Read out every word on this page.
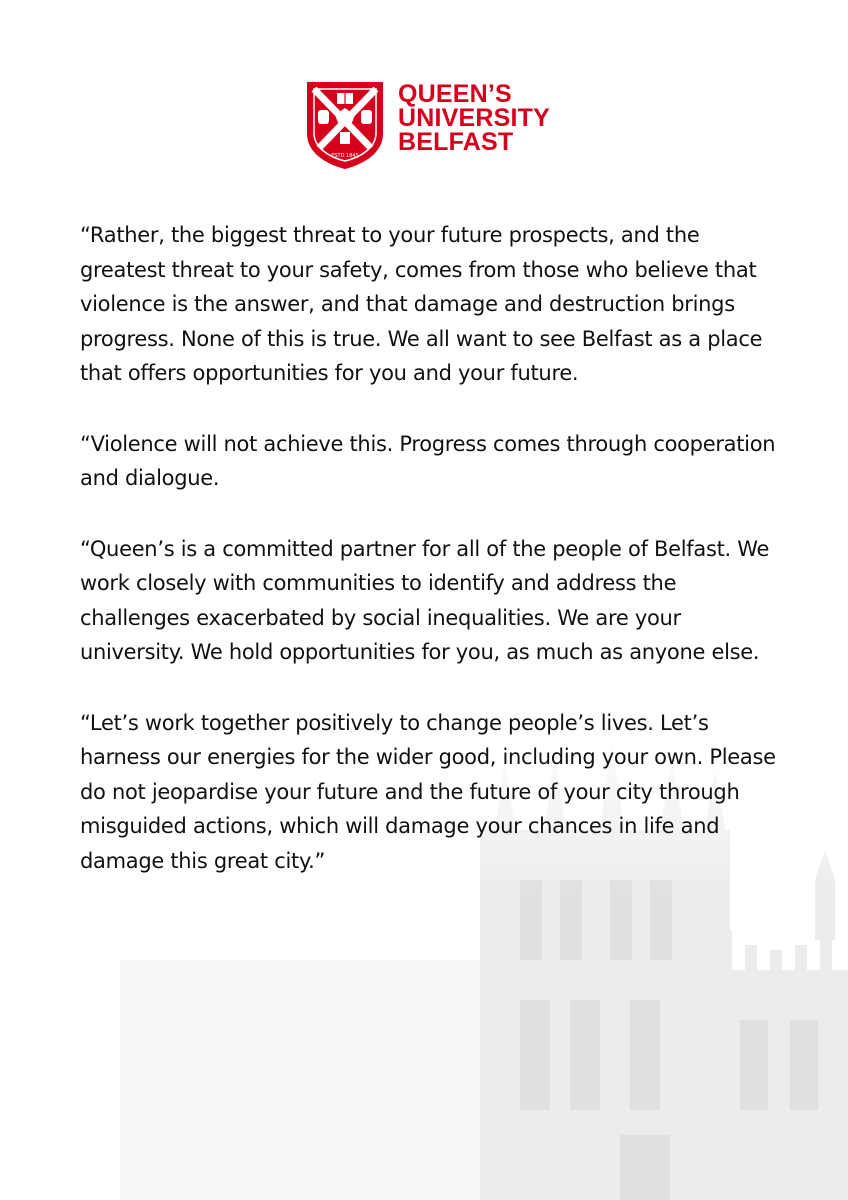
ESTD 1845
QUEEN’S
UNIVERSITY
BELFAST

“Rather, the biggest threat to your future prospects, and the greatest threat to your safety, comes from those who believe that violence is the answer, and that damage and destruction brings progress. None of this is true. We all want to see Belfast as a place that offers opportunities for you and your future.

“Violence will not achieve this. Progress comes through cooperation and dialogue.

“Queen’s is a committed partner for all of the people of Belfast. We work closely with communities to identify and address the challenges exacerbated by social inequalities. We are your university. We hold opportunities for you, as much as anyone else.

“Let’s work together positively to change people’s lives. Let’s harness our energies for the wider good, including your own. Please do not jeopardise your future and the future of your city through misguided actions, which will damage your chances in life and damage this great city.”
